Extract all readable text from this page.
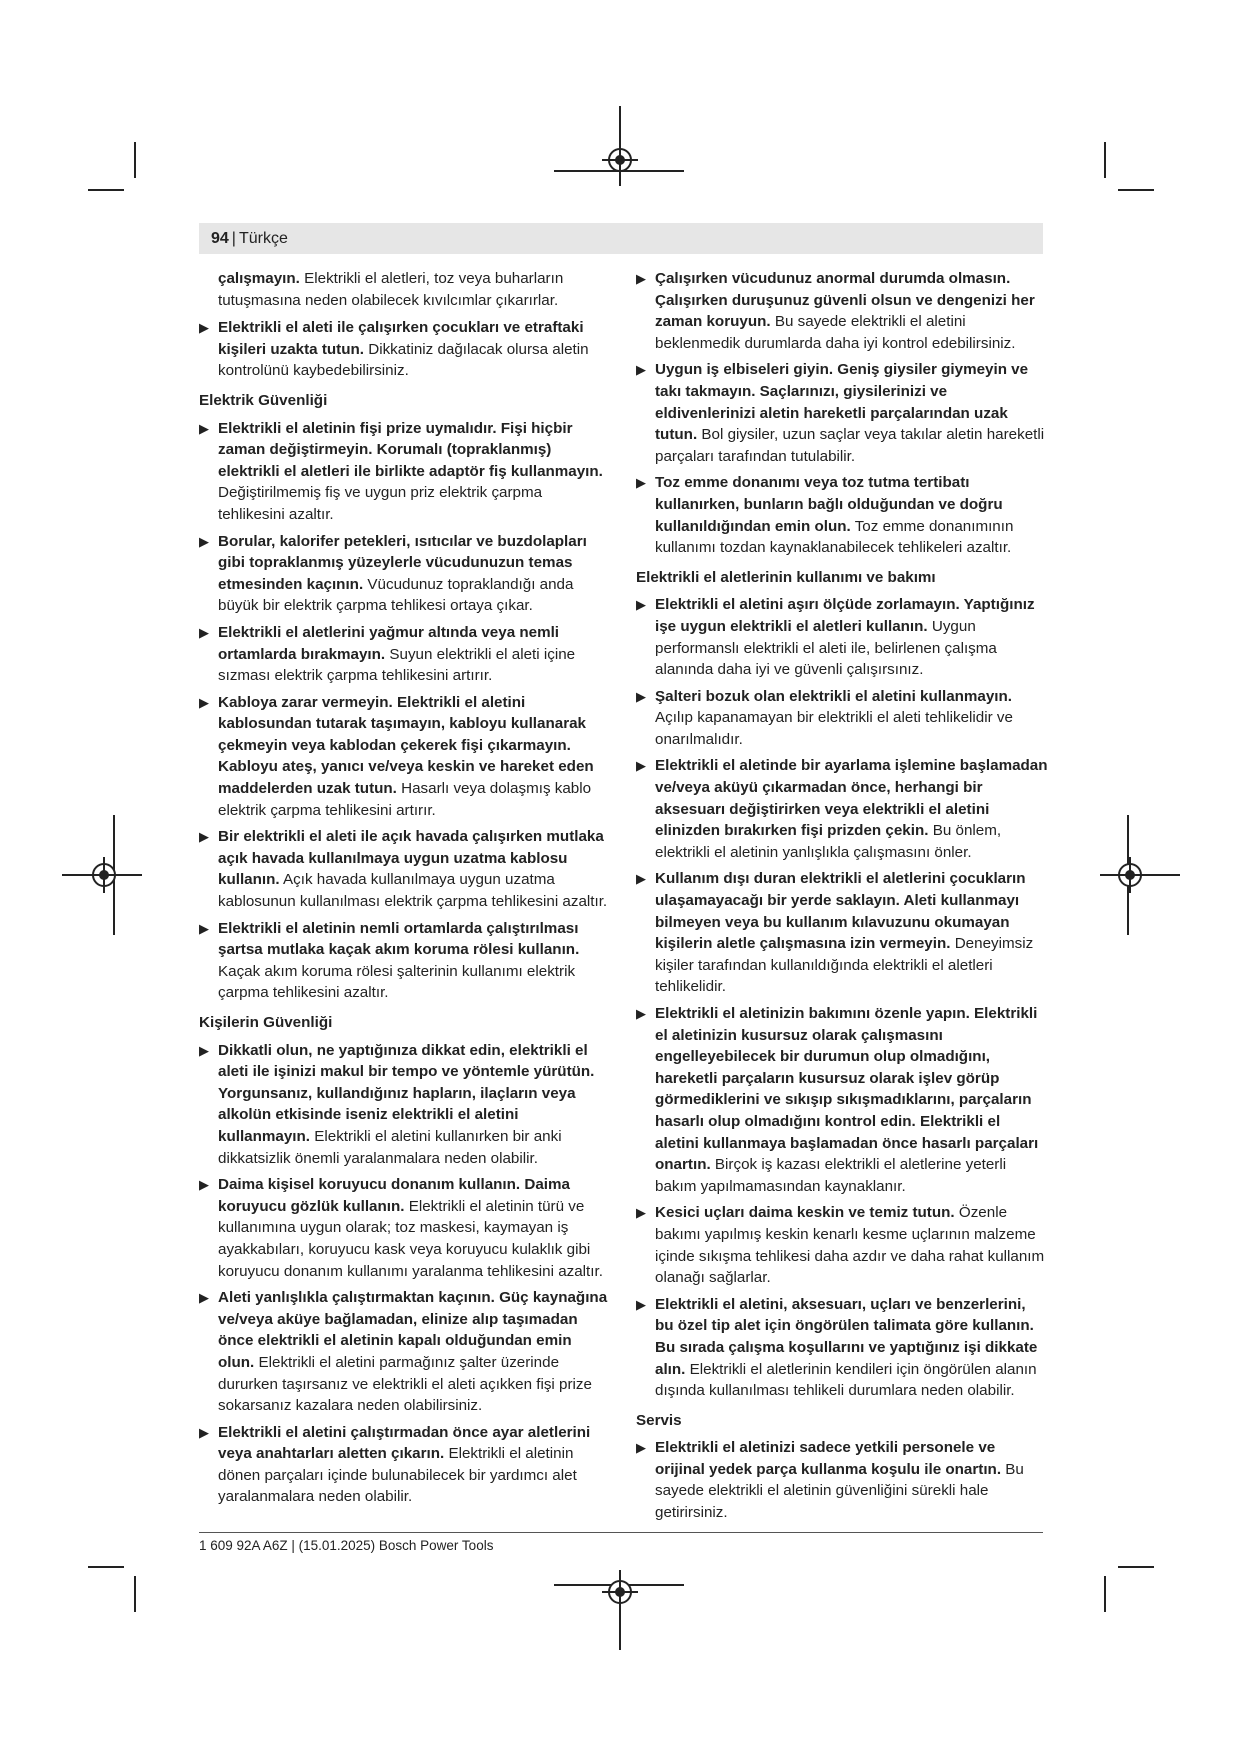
94 | Türkçe

çalışmayın. Elektrikli el aletleri, toz veya buharların tutuşmasına neden olabilecek kıvılcımlar çıkarırlar.

▶ Elektrikli el aleti ile çalışırken çocukları ve etraftaki kişileri uzakta tutun. Dikkatiniz dağılacak olursa aletin kontrolünü kaybedebilirsiniz.
Elektrik Güvenliği
▶ Elektrikli el aletinin fişi prize uymalıdır. Fişi hiçbir zaman değiştirmeyin. Korumalı (topraklanmış) elektrikli el aletleri ile birlikte adaptör fiş kullanmayın. Değiştirilmemiş fiş ve uygun priz elektrik çarpma tehlikesini azaltır.
▶ Borular, kalorifer petekleri, ısıtıcılar ve buzdolapları gibi topraklanmış yüzeylerle vücudunuzun temas etmesinden kaçının. Vücudunuz topraklandığı anda büyük bir elektrik çarpma tehlikesi ortaya çıkar.
▶ Elektrikli el aletlerini yağmur altında veya nemli ortamlarda bırakmayın. Suyun elektrikli el aleti içine sızması elektrik çarpma tehlikesini artırır.
▶ Kabloya zarar vermeyin. Elektrikli el aletini kablosundan tutarak taşımayın, kabloyu kullanarak çekmeyin veya kablodan çekerek fişi çıkarmayın. Kabloyu ateş, yanıcı ve/veya keskin ve hareket eden maddelerden uzak tutun. Hasarlı veya dolaşmış kablo elektrik çarpma tehlikesini artırır.
▶ Bir elektrikli el aleti ile açık havada çalışırken mutlaka açık havada kullanılmaya uygun uzatma kablosu kullanın. Açık havada kullanılmaya uygun uzatma kablosunun kullanılması elektrik çarpma tehlikesini azaltır.
▶ Elektrikli el aletinin nemli ortamlarda çalıştırılması şartsa mutlaka kaçak akım koruma rölesi kullanın. Kaçak akım koruma rölesi şalterinin kullanımı elektrik çarpma tehlikesini azaltır.
Kişilerin Güvenliği
▶ Dikkatli olun, ne yaptığınıza dikkat edin, elektrikli el aleti ile işinizi makul bir tempo ve yöntemle yürütün. Yorgunsanız, kullandığınız hapların, ilaçların veya alkolün etkisinde iseniz elektrikli el aletini kullanmayın. Elektrikli el aletini kullanırken bir anki dikkatsizlik önemli yaralanmalara neden olabilir.
▶ Daima kişisel koruyucu donanım kullanın. Daima koruyucu gözlük kullanın. Elektrikli el aletinin türü ve kullanımına uygun olarak; toz maskesi, kaymayan iş ayakkabıları, koruyucu kask veya koruyucu kulaklık gibi koruyucu donanım kullanımı yaralanma tehlikesini azaltır.
▶ Aleti yanlışlıkla çalıştırmaktan kaçının. Güç kaynağına ve/veya aküye bağlamadan, elinize alıp taşımadan önce elektrikli el aletinin kapalı olduğundan emin olun. Elektrikli el aletini parmağınız şalter üzerinde dururken taşırsanız ve elektrikli el aleti açıkken fişi prize sokarsanız kazalara neden olabilirsiniz.
▶ Elektrikli el aletini çalıştırmadan önce ayar aletlerini veya anahtarları aletten çıkarın. Elektrikli el aletinin dönen parçaları içinde bulunabilecek bir yardımcı alet yaralanmalara neden olabilir.
▶ Çalışırken vücudunuz anormal durumda olmasın. Çalışırken duruşunuz güvenli olsun ve dengenizi her zaman koruyun. Bu sayede elektrikli el aletini beklenmedik durumlarda daha iyi kontrol edebilirsiniz.
▶ Uygun iş elbiseleri giyin. Geniş giysiler giymeyin ve takı takmayın. Saçlarınızı, giysilerinizi ve eldivenlerinizi aletin hareketli parçalarından uzak tutun. Bol giysiler, uzun saçlar veya takılar aletin hareketli parçaları tarafından tutulabilir.
▶ Toz emme donanımı veya toz tutma tertibatı kullanırken, bunların bağlı olduğundan ve doğru kullanıldığından emin olun. Toz emme donanımının kullanımı tozdan kaynaklanabilecek tehlikeleri azaltır.
Elektrikli el aletlerinin kullanımı ve bakımı
▶ Elektrikli el aletini aşırı ölçüde zorlamayın. Yaptığınız işe uygun elektrikli el aletleri kullanın. Uygun performanslı elektrikli el aleti ile, belirlenen çalışma alanında daha iyi ve güvenli çalışırsınız.
▶ Şalteri bozuk olan elektrikli el aletini kullanmayın. Açılıp kapanamayan bir elektrikli el aleti tehlikelidir ve onarılmalıdır.
▶ Elektrikli el aletinde bir ayarlama işlemine başlamadan ve/veya aküyü çıkarmadan önce, herhangi bir aksesuarı değiştirirken veya elektrikli el aletini elinizden bırakırken fişi prizden çekin. Bu önlem, elektrikli el aletinin yanlışlıkla çalışmasını önler.
▶ Kullanım dışı duran elektrikli el aletlerini çocukların ulaşamayacağı bir yerde saklayın. Aleti kullanmayı bilmeyen veya bu kullanım kılavuzunu okumayan kişilerin aletle çalışmasına izin vermeyin. Deneyimsiz kişiler tarafından kullanıldığında elektrikli el aletleri tehlikelidir.
▶ Elektrikli el aletinizin bakımını özenle yapın. Elektrikli el aletinizin kusursuz olarak çalışmasını engelleyebilecek bir durumun olup olmadığını, hareketli parçaların kusursuz olarak işlev görüp görmediklerini ve sıkışıp sıkışmadıklarını, parçaların hasarlı olup olmadığını kontrol edin. Elektrikli el aletini kullanmaya başlamadan önce hasarlı parçaları onartın. Birçok iş kazası elektrikli el aletlerine yeterli bakım yapılmamasından kaynaklanır.
▶ Kesici uçları daima keskin ve temiz tutun. Özenle bakımı yapılmış keskin kenarlı kesme uçlarının malzeme içinde sıkışma tehlikesi daha azdır ve daha rahat kullanım olanağı sağlarlar.
▶ Elektrikli el aletini, aksesuarı, uçları ve benzerlerini, bu özel tip alet için öngörülen talimata göre kullanın. Bu sırada çalışma koşullarını ve yaptığınız işi dikkate alın. Elektrikli el aletlerinin kendileri için öngörülen alanın dışında kullanılması tehlikeli durumlara neden olabilir.
Servis
▶ Elektrikli el aletinizi sadece yetkili personele ve orijinal yedek parça kullanma koşulu ile onartın. Bu sayede elektrikli el aletinin güvenliğini sürekli hale getirirsiniz.
1 609 92A A6Z | (15.01.2025) Bosch Power Tools
